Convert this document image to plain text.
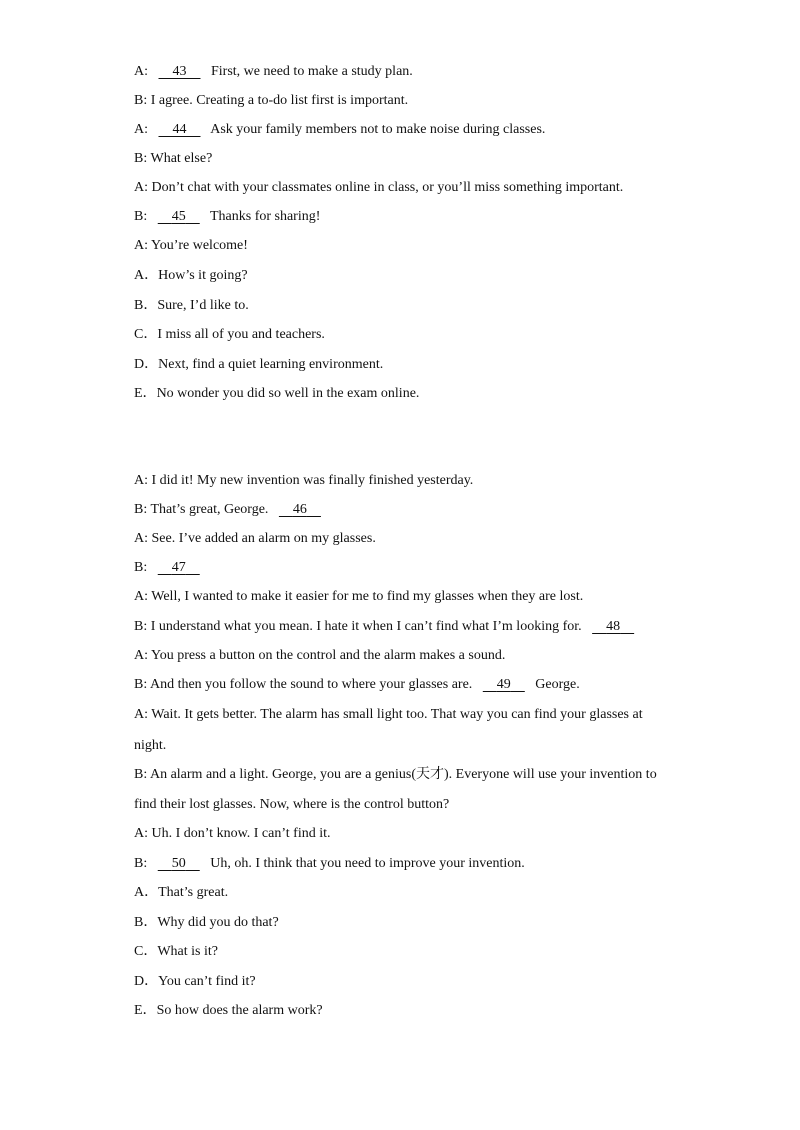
A: 43 First, we need to make a study plan.
B: I agree. Creating a to-do list first is important.
A: 44 Ask your family members not to make noise during classes.
B: What else?
A: Don’t chat with your classmates online in class, or you’ll miss something important.
B: 45 Thanks for sharing!
A: You’re welcome!
A．How’s it going?
B．Sure, I’d like to.
C．I miss all of you and teachers.
D．Next, find a quiet learning environment.
E．No wonder you did so well in the exam online.
A: I did it! My new invention was finally finished yesterday.
B: That’s great, George. 46
A: See. I’ve added an alarm on my glasses.
B: 47
A: Well, I wanted to make it easier for me to find my glasses when they are lost.
B: I understand what you mean. I hate it when I can’t find what I’m looking for. 48
A: You press a button on the control and the alarm makes a sound.
B: And then you follow the sound to where your glasses are. 49 George.
A: Wait. It gets better. The alarm has small light too. That way you can find your glasses at
night.
B: An alarm and a light. George, you are a genius(天才). Everyone will use your invention to
find their lost glasses. Now, where is the control button?
A: Uh. I don’t know. I can’t find it.
B: 50 Uh, oh. I think that you need to improve your invention.
A．That’s great.
B．Why did you do that?
C．What is it?
D．You can’t find it?
E．So how does the alarm work?
